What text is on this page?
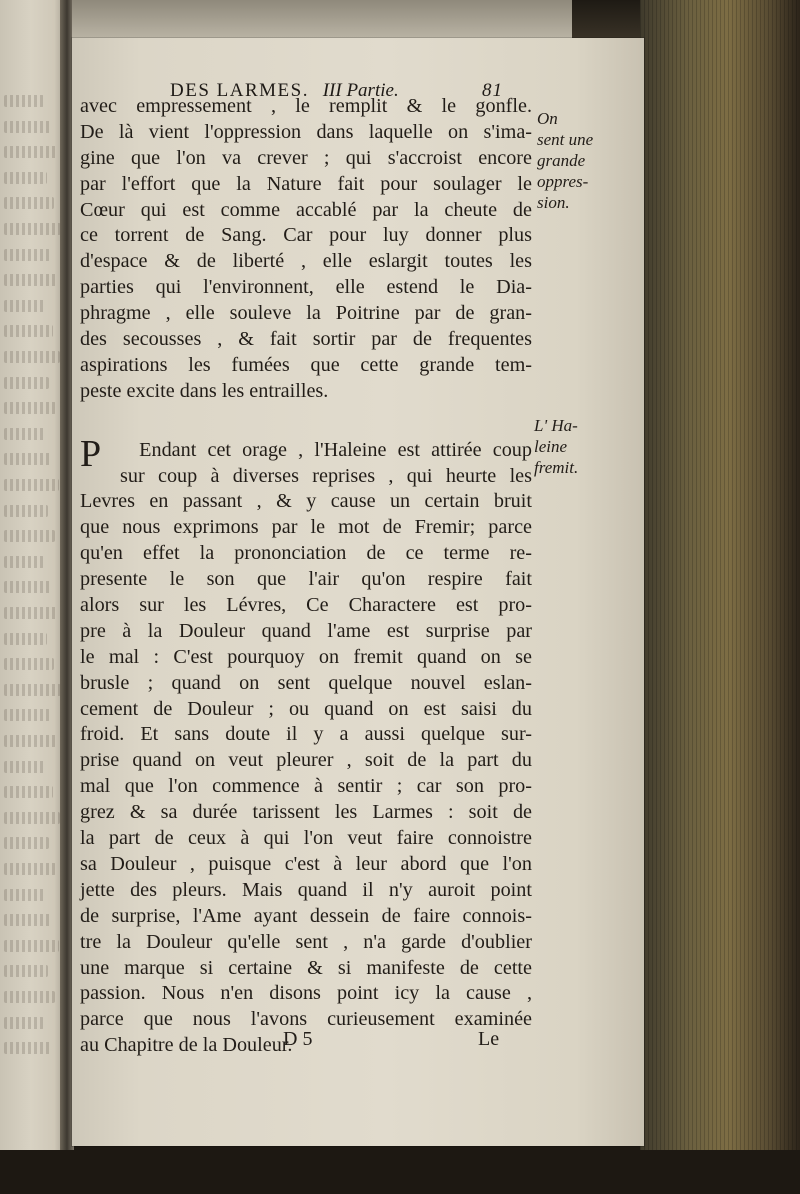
DES LARMES. III Partie.	81
avec empressement , le remplit & le gonfle.
De là vient l'oppression dans laquelle on s'ima-
gine que l'on va crever ; qui s'accroist encore
par l'effort que la Nature fait pour soulager le
Cœur qui est comme accablé par la cheute de
ce torrent de Sang. Car pour luy donner plus
d'espace & de liberté , elle eslargit toutes les
parties qui l'environnent, elle estend le Dia-
phragme , elle souleve la Poitrine par de gran-
des secousses , & fait sortir par de frequentes
aspirations les fumées que cette grande tem-
peste excite dans les entrailles.
P Endant cet orage , l'Haleine est attirée coup
sur coup à diverses reprises , qui heurte les
Levres en passant , & y cause un certain bruit
que nous exprimons par le mot de Fremir; parce
qu'en effet la prononciation de ce terme re-
presente le son que l'air qu'on respire fait
alors sur les Lévres, Ce Charactere est pro-
pre à la Douleur quand l'ame est surprise par
le mal : C'est pourquoy on fremit quand on se
brusle ; quand on sent quelque nouvel eslan-
cement de Douleur ; ou quand on est saisi du
froid. Et sans doute il y a aussi quelque sur-
prise quand on veut pleurer , soit de la part du
mal que l'on commence à sentir ; car son pro-
grez & sa durée tarissent les Larmes : soit de
la part de ceux à qui l'on veut faire connoistre
sa Douleur , puisque c'est à leur abord que l'on
jette des pleurs. Mais quand il n'y auroit point
de surprise, l'Ame ayant dessein de faire connois-
tre la Douleur qu'elle sent , n'a garde d'oublier
une marque si certaine & si manifeste de cette
passion. Nous n'en disons point icy la cause ,
parce que nous l'avons curieusement examinée
au Chapitre de la Douleur.
On
sent une
grande
oppres-
sion.
L' Ha-
leine
fremit.
D 5	Le
